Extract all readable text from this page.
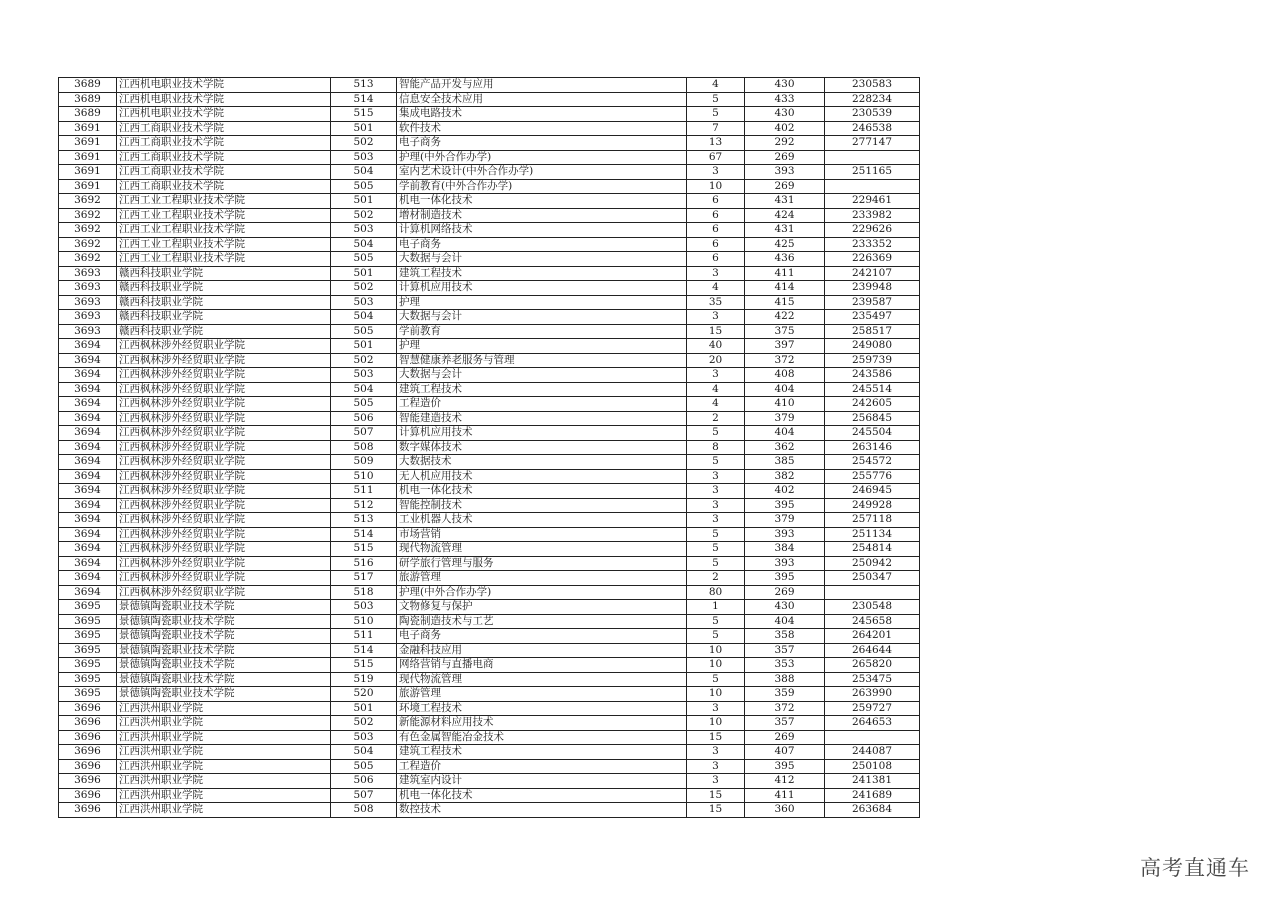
3689	江西机电职业技术学院	513	智能产品开发与应用	4	430	230583
3689	江西机电职业技术学院	514	信息安全技术应用	5	433	228234
3689	江西机电职业技术学院	515	集成电路技术	5	430	230539
3691	江西工商职业技术学院	501	软件技术	7	402	246538
3691	江西工商职业技术学院	502	电子商务	13	292	277147
3691	江西工商职业技术学院	503	护理(中外合作办学)	67	269	
3691	江西工商职业技术学院	504	室内艺术设计(中外合作办学)	3	393	251165
3691	江西工商职业技术学院	505	学前教育(中外合作办学)	10	269	
3692	江西工业工程职业技术学院	501	机电一体化技术	6	431	229461
3692	江西工业工程职业技术学院	502	增材制造技术	6	424	233982
3692	江西工业工程职业技术学院	503	计算机网络技术	6	431	229626
3692	江西工业工程职业技术学院	504	电子商务	6	425	233352
3692	江西工业工程职业技术学院	505	大数据与会计	6	436	226369
3693	赣西科技职业学院	501	建筑工程技术	3	411	242107
3693	赣西科技职业学院	502	计算机应用技术	4	414	239948
3693	赣西科技职业学院	503	护理	35	415	239587
3693	赣西科技职业学院	504	大数据与会计	3	422	235497
3693	赣西科技职业学院	505	学前教育	15	375	258517
3694	江西枫林涉外经贸职业学院	501	护理	40	397	249080
3694	江西枫林涉外经贸职业学院	502	智慧健康养老服务与管理	20	372	259739
3694	江西枫林涉外经贸职业学院	503	大数据与会计	3	408	243586
3694	江西枫林涉外经贸职业学院	504	建筑工程技术	4	404	245514
3694	江西枫林涉外经贸职业学院	505	工程造价	4	410	242605
3694	江西枫林涉外经贸职业学院	506	智能建造技术	2	379	256845
3694	江西枫林涉外经贸职业学院	507	计算机应用技术	5	404	245504
3694	江西枫林涉外经贸职业学院	508	数字媒体技术	8	362	263146
3694	江西枫林涉外经贸职业学院	509	大数据技术	5	385	254572
3694	江西枫林涉外经贸职业学院	510	无人机应用技术	3	382	255776
3694	江西枫林涉外经贸职业学院	511	机电一体化技术	3	402	246945
3694	江西枫林涉外经贸职业学院	512	智能控制技术	3	395	249928
3694	江西枫林涉外经贸职业学院	513	工业机器人技术	3	379	257118
3694	江西枫林涉外经贸职业学院	514	市场营销	5	393	251134
3694	江西枫林涉外经贸职业学院	515	现代物流管理	5	384	254814
3694	江西枫林涉外经贸职业学院	516	研学旅行管理与服务	5	393	250942
3694	江西枫林涉外经贸职业学院	517	旅游管理	2	395	250347
3694	江西枫林涉外经贸职业学院	518	护理(中外合作办学)	80	269	
3695	景德镇陶瓷职业技术学院	503	文物修复与保护	1	430	230548
3695	景德镇陶瓷职业技术学院	510	陶瓷制造技术与工艺	5	404	245658
3695	景德镇陶瓷职业技术学院	511	电子商务	5	358	264201
3695	景德镇陶瓷职业技术学院	514	金融科技应用	10	357	264644
3695	景德镇陶瓷职业技术学院	515	网络营销与直播电商	10	353	265820
3695	景德镇陶瓷职业技术学院	519	现代物流管理	5	388	253475
3695	景德镇陶瓷职业技术学院	520	旅游管理	10	359	263990
3696	江西洪州职业学院	501	环境工程技术	3	372	259727
3696	江西洪州职业学院	502	新能源材料应用技术	10	357	264653
3696	江西洪州职业学院	503	有色金属智能冶金技术	15	269	
3696	江西洪州职业学院	504	建筑工程技术	3	407	244087
3696	江西洪州职业学院	505	工程造价	3	395	250108
3696	江西洪州职业学院	506	建筑室内设计	3	412	241381
3696	江西洪州职业学院	507	机电一体化技术	15	411	241689
3696	江西洪州职业学院	508	数控技术	15	360	263684
高考直通车
